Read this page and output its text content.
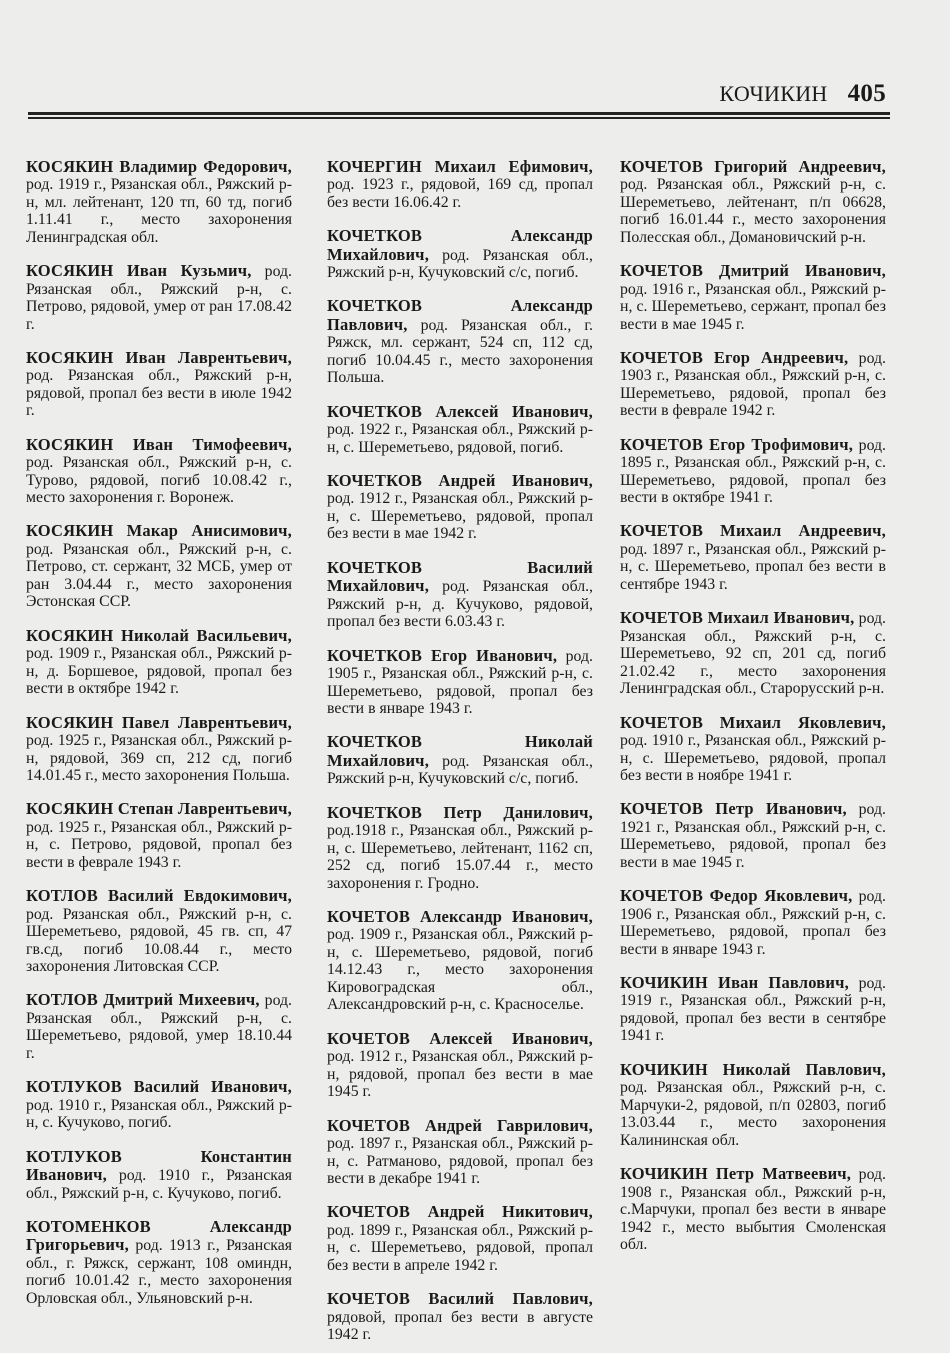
КОЧИКИН 405

КОСЯКИН Владимир Федорович, род. 1919 г., Рязанская обл., Ряжский р-н, мл. лейтенант, 120 тп, 60 тд, погиб 1.11.41 г., место захоронения Ленинградская обл.

КОСЯКИН Иван Кузьмич, род. Рязанская обл., Ряжский р-н, с. Петрово, рядовой, умер от ран 17.08.42 г.

КОСЯКИН Иван Лаврентьевич, род. Рязанская обл., Ряжский р-н, рядовой, пропал без вести в июле 1942 г.

КОСЯКИН Иван Тимофеевич, род. Рязанская обл., Ряжский р-н, с. Турово, рядовой, погиб 10.08.42 г., место захоронения г. Воронеж.

КОСЯКИН Макар Анисимович, род. Рязанская обл., Ряжский р-н, с. Петрово, ст. сержант, 32 МСБ, умер от ран 3.04.44 г., место захоронения Эстонская ССР.

КОСЯКИН Николай Васильевич, род. 1909 г., Рязанская обл., Ряжский р-н, д. Боршевое, рядовой, пропал без вести в октябре 1942 г.

КОСЯКИН Павел Лаврентьевич, род. 1925 г., Рязанская обл., Ряжский р-н, рядовой, 369 сп, 212 сд, погиб 14.01.45 г., место захоронения Польша.

КОСЯКИН Степан Лаврентьевич, род. 1925 г., Рязанская обл., Ряжский р-н, с. Петрово, рядовой, пропал без вести в феврале 1943 г.

КОТЛОВ Василий Евдокимович, род. Рязанская обл., Ряжский р-н, с. Шереметьево, рядовой, 45 гв. сп, 47 гв.сд, погиб 10.08.44 г., место захоронения Литовская ССР.

КОТЛОВ Дмитрий Михеевич, род. Рязанская обл., Ряжский р-н, с. Шереметьево, рядовой, умер 18.10.44 г.

КОТЛУКОВ Василий Иванович, род. 1910 г., Рязанская обл., Ряжский р-н, с. Кучуково, погиб.

КОТЛУКОВ Константин Иванович, род. 1910 г., Рязанская обл., Ряжский р-н, с. Кучуково, погиб.

КОТОМЕНКОВ Александр Григорьевич, род. 1913 г., Рязанская обл., г. Ряжск, сержант, 108 оминдн, погиб 10.01.42 г., место захоронения Орловская обл., Ульяновский р-н.

КОЧЕРГИН Михаил Ефимович, род. 1923 г., рядовой, 169 сд, пропал без вести 16.06.42 г.

КОЧЕТКОВ Александр Михайлович, род. Рязанская обл., Ряжский р-н, Кучуковский с/с, погиб.

КОЧЕТКОВ Александр Павлович, род. Рязанская обл., г. Ряжск, мл. сержант, 524 сп, 112 сд, погиб 10.04.45 г., место захоронения Польша.

КОЧЕТКОВ Алексей Иванович, род. 1922 г., Рязанская обл., Ряжский р-н, с. Шереметьево, рядовой, погиб.

КОЧЕТКОВ Андрей Иванович, род. 1912 г., Рязанская обл., Ряжский р-н, с. Шереметьево, рядовой, пропал без вести в мае 1942 г.

КОЧЕТКОВ Василий Михайлович, род. Рязанская обл., Ряжский р-н, д. Кучуково, рядовой, пропал без вести 6.03.43 г.

КОЧЕТКОВ Егор Иванович, род. 1905 г., Рязанская обл., Ряжский р-н, с. Шереметьево, рядовой, пропал без вести в январе 1943 г.

КОЧЕТКОВ Николай Михайлович, род. Рязанская обл., Ряжский р-н, Кучуковский с/с, погиб.

КОЧЕТКОВ Петр Данилович, род.1918 г., Рязанская обл., Ряжский р-н, с. Шереметьево, лейтенант, 1162 сп, 252 сд, погиб 15.07.44 г., место захоронения г. Гродно.

КОЧЕТОВ Александр Иванович, род. 1909 г., Рязанская обл., Ряжский р-н, с. Шереметьево, рядовой, погиб 14.12.43 г., место захоронения Кировоградская обл., Александровский р-н, с. Красноселье.

КОЧЕТОВ Алексей Иванович, род. 1912 г., Рязанская обл., Ряжский р-н, рядовой, пропал без вести в мае 1945 г.

КОЧЕТОВ Андрей Гаврилович, род. 1897 г., Рязанская обл., Ряжский р-н, с. Ратманово, рядовой, пропал без вести в декабре 1941 г.

КОЧЕТОВ Андрей Никитович, род. 1899 г., Рязанская обл., Ряжский р-н, с. Шереметьево, рядовой, пропал без вести в апреле 1942 г.

КОЧЕТОВ Василий Павлович, рядовой, пропал без вести в августе 1942 г.

КОЧЕТОВ Григорий Андреевич, род. Рязанская обл., Ряжский р-н, с. Шереметьево, лейтенант, п/п 06628, погиб 16.01.44 г., место захоронения Полесская обл., Домановичский р-н.

КОЧЕТОВ Дмитрий Иванович, род. 1916 г., Рязанская обл., Ряжский р-н, с. Шереметьево, сержант, пропал без вести в мае 1945 г.

КОЧЕТОВ Егор Андреевич, род. 1903 г., Рязанская обл., Ряжский р-н, с. Шереметьево, рядовой, пропал без вести в феврале 1942 г.

КОЧЕТОВ Егор Трофимович, род. 1895 г., Рязанская обл., Ряжский р-н, с. Шереметьево, рядовой, пропал без вести в октябре 1941 г.

КОЧЕТОВ Михаил Андреевич, род. 1897 г., Рязанская обл., Ряжский р-н, с. Шереметьево, пропал без вести в сентябре 1943 г.

КОЧЕТОВ Михаил Иванович, род. Рязанская обл., Ряжский р-н, с. Шереметьево, 92 сп, 201 сд, погиб 21.02.42 г., место захоронения Ленинградская обл., Старорусский р-н.

КОЧЕТОВ Михаил Яковлевич, род. 1910 г., Рязанская обл., Ряжский р-н, с. Шереметьево, рядовой, пропал без вести в ноябре 1941 г.

КОЧЕТОВ Петр Иванович, род. 1921 г., Рязанская обл., Ряжский р-н, с. Шереметьево, рядовой, пропал без вести в мае 1945 г.

КОЧЕТОВ Федор Яковлевич, род. 1906 г., Рязанская обл., Ряжский р-н, с. Шереметьево, рядовой, пропал без вести в январе 1943 г.

КОЧИКИН Иван Павлович, род. 1919 г., Рязанская обл., Ряжский р-н, рядовой, пропал без вести в сентябре 1941 г.

КОЧИКИН Николай Павлович, род. Рязанская обл., Ряжский р-н, с. Марчуки-2, рядовой, п/п 02803, погиб 13.03.44 г., место захоронения Калининская обл.

КОЧИКИН Петр Матвеевич, род. 1908 г., Рязанская обл., Ряжский р-н, с.Марчуки, пропал без вести в январе 1942 г., место выбытия Смоленская обл.
